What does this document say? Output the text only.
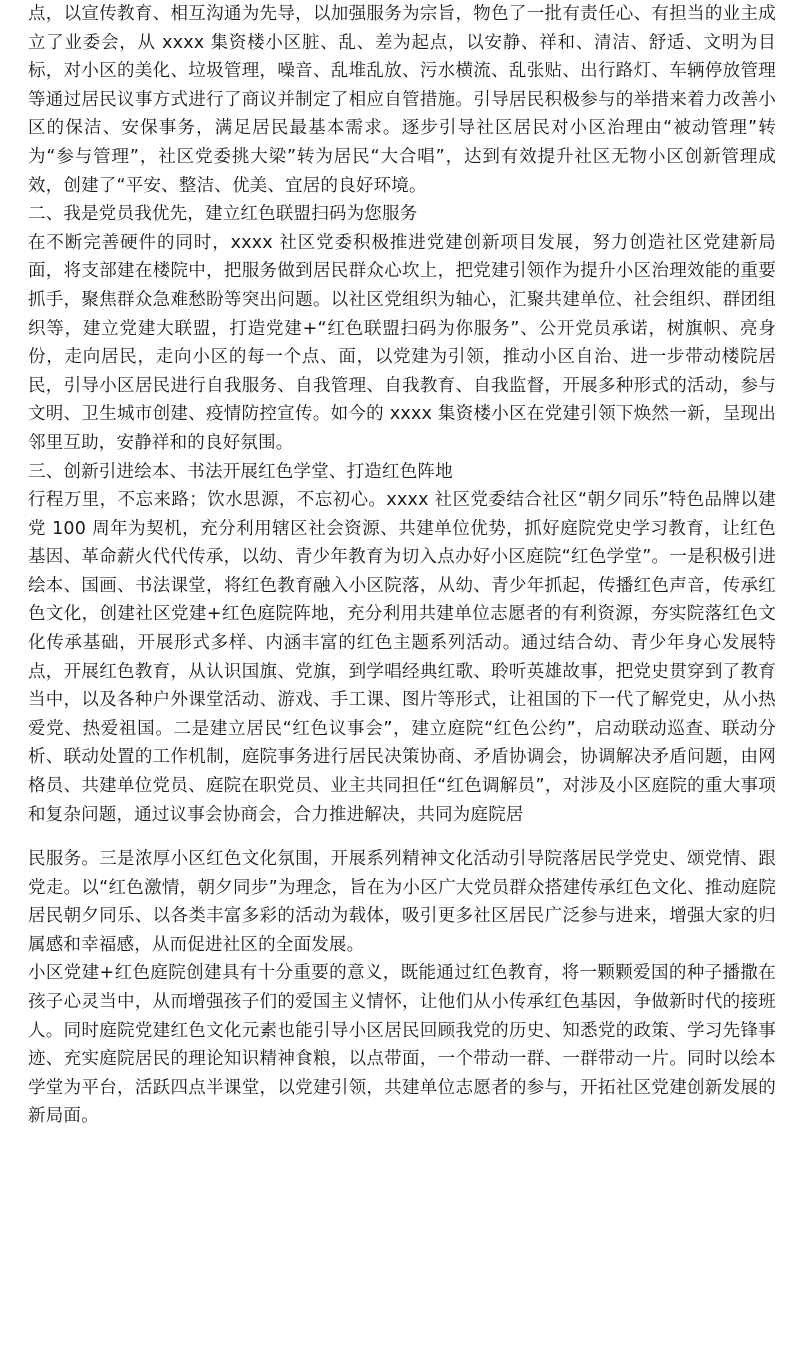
点，以宣传教育、相互沟通为先导，以加强服务为宗旨，物色了一批有责任心、有担当的业主成立了业委会，从 xxxx 集资楼小区脏、乱、差为起点，以安静、祥和、清洁、舒适、文明为目标，对小区的美化、垃圾管理，噪音、乱堆乱放、污水横流、乱张贴、出行路灯、车辆停放管理等通过居民议事方式进行了商议并制定了相应自管措施。引导居民积极参与的举措来着力改善小区的保洁、安保事务，满足居民最基本需求。逐步引导社区居民对小区治理由“被动管理”转为“参与管理”，社区党委挑大梁”转为居民“大合唱”，达到有效提升社区无物小区创新管理成效，创建了“平安、整洁、优美、宜居的良好环境。

二、我是党员我优先，建立红色联盟扫码为您服务

在不断完善硬件的同时，xxxx 社区党委积极推进党建创新项目发展，努力创造社区党建新局面，将支部建在楼院中，把服务做到居民群众心坎上，把党建引领作为提升小区治理效能的重要抓手，聚焦群众急难愁盼等突出问题。以社区党组织为轴心，汇聚共建单位、社会组织、群团组织等，建立党建大联盟，打造党建+“红色联盟扫码为你服务”、公开党员承诺，树旗帜、亮身份，走向居民，走向小区的每一个点、面，以党建为引领，推动小区自治、进一步带动楼院居民，引导小区居民进行自我服务、自我管理、自我教育、自我监督，开展多种形式的活动，参与文明、卫生城市创建、疫情防控宣传。如今的 xxxx 集资楼小区在党建引领下焕然一新，呈现出邻里互助，安静祥和的良好氛围。

三、创新引进绘本、书法开展红色学堂、打造红色阵地

行程万里，不忘来路；饮水思源，不忘初心。xxxx 社区党委结合社区“朝夕同乐”特色品牌以建党 100 周年为契机，充分利用辖区社会资源、共建单位优势，抓好庭院党史学习教育，让红色基因、革命薪火代代传承，以幼、青少年教育为切入点办好小区庭院“红色学堂”。一是积极引进绘本、国画、书法课堂，将红色教育融入小区院落，从幼、青少年抓起，传播红色声音，传承红色文化，创建社区党建+红色庭院阵地，充分利用共建单位志愿者的有利资源，夯实院落红色文化传承基础，开展形式多样、内涵丰富的红色主题系列活动。通过结合幼、青少年身心发展特点，开展红色教育，从认识国旗、党旗，到学唱经典红歌、聆听英雄故事，把党史贯穿到了教育当中，以及各种户外课堂活动、游戏、手工课、图片等形式，让祖国的下一代了解党史，从小热爱党、热爱祖国。二是建立居民“红色议事会”，建立庭院“红色公约”，启动联动巡查、联动分析、联动处置的工作机制，庭院事务进行居民决策协商、矛盾协调会，协调解决矛盾问题，由网格员、共建单位党员、庭院在职党员、业主共同担任“红色调解员”，对涉及小区庭院的重大事项和复杂问题，通过议事会协商会，合力推进解决，共同为庭院居

民服务。三是浓厚小区红色文化氛围，开展系列精神文化活动引导院落居民学党史、颂党情、跟党走。以“红色激情，朝夕同步”为理念，旨在为小区广大党员群众搭建传承红色文化、推动庭院居民朝夕同乐、以各类丰富多彩的活动为载体，吸引更多社区居民广泛参与进来，增强大家的归属感和幸福感，从而促进社区的全面发展。

小区党建+红色庭院创建具有十分重要的意义，既能通过红色教育，将一颗颗爱国的种子播撒在孩子心灵当中，从而增强孩子们的爱国主义情怀，让他们从小传承红色基因，争做新时代的接班人。同时庭院党建红色文化元素也能引导小区居民回顾我党的历史、知悉党的政策、学习先锋事迹、充实庭院居民的理论知识精神食粮，以点带面，一个带动一群、一群带动一片。同时以绘本学堂为平台，活跃四点半课堂，以党建引领，共建单位志愿者的参与，开拓社区党建创新发展的新局面。
